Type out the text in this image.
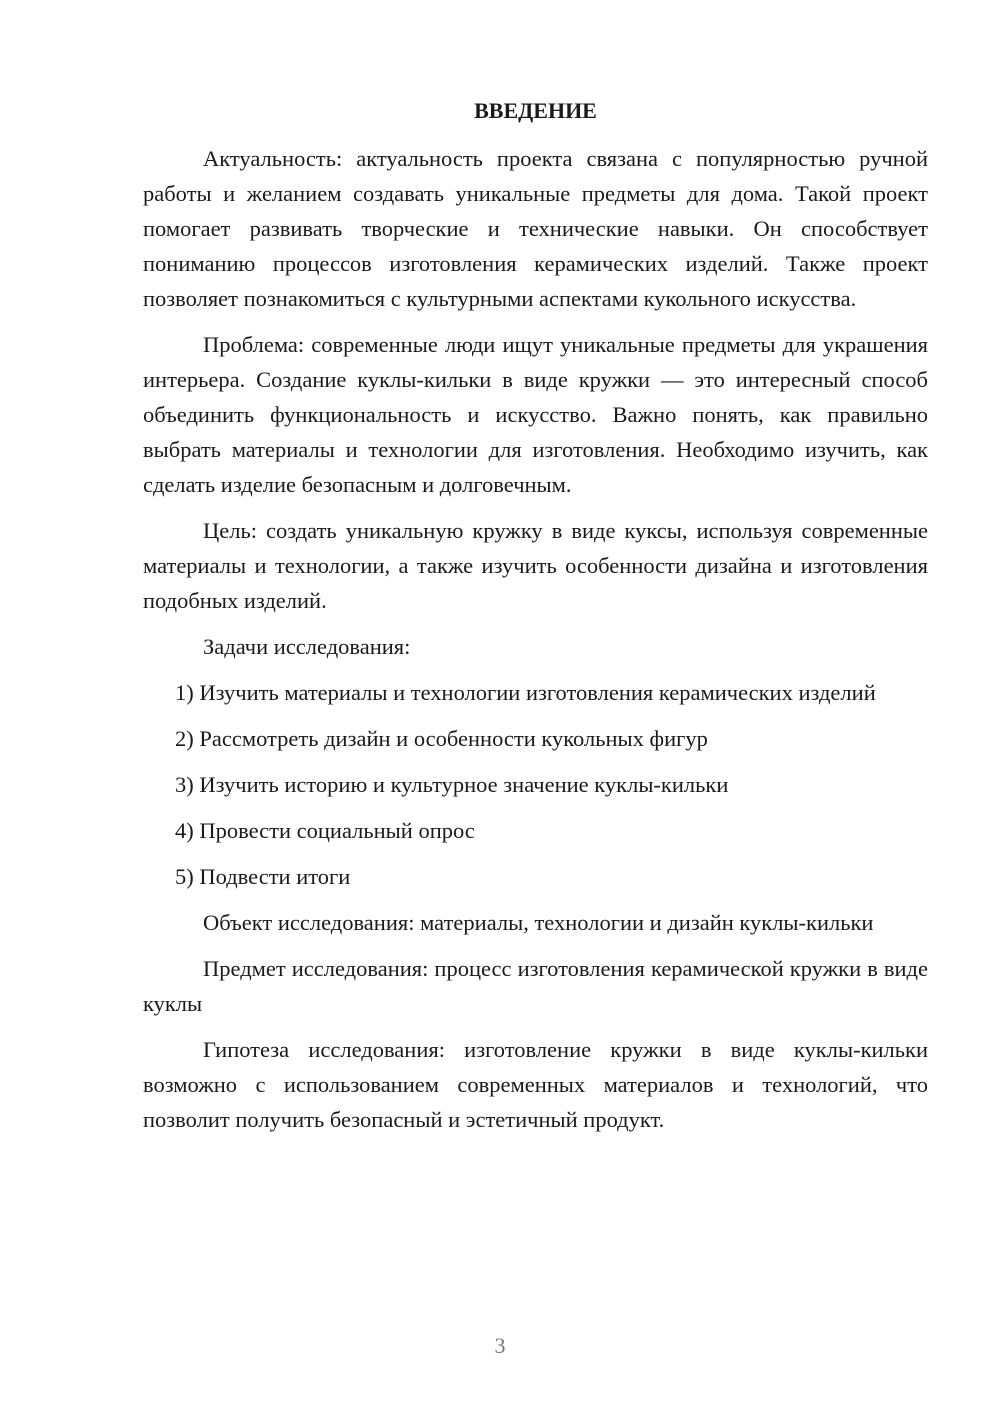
ВВЕДЕНИЕ

Актуальность: актуальность проекта связана с популярностью ручной работы и желанием создавать уникальные предметы для дома. Такой проект помогает развивать творческие и технические навыки. Он способствует пониманию процессов изготовления керамических изделий. Также проект позволяет познакомиться с культурными аспектами кукольного искусства.

Проблема: современные люди ищут уникальные предметы для украшения интерьера. Создание куклы-кильки в виде кружки — это интересный способ объединить функциональность и искусство. Важно понять, как правильно выбрать материалы и технологии для изготовления. Необходимо изучить, как сделать изделие безопасным и долговечным.

Цель: создать уникальную кружку в виде куксы, используя современные материалы и технологии, а также изучить особенности дизайна и изготовления подобных изделий.

Задачи исследования:

1) Изучить материалы и технологии изготовления керамических изделий

2) Рассмотреть дизайн и особенности кукольных фигур

3) Изучить историю и культурное значение куклы-кильки

4) Провести социальный опрос

5) Подвести итоги

Объект исследования: материалы, технологии и дизайн куклы-кильки

Предмет исследования: процесс изготовления керамической кружки в виде куклы

Гипотеза исследования: изготовление кружки в виде куклы-кильки возможно с использованием современных материалов и технологий, что позволит получить безопасный и эстетичный продукт.

3
